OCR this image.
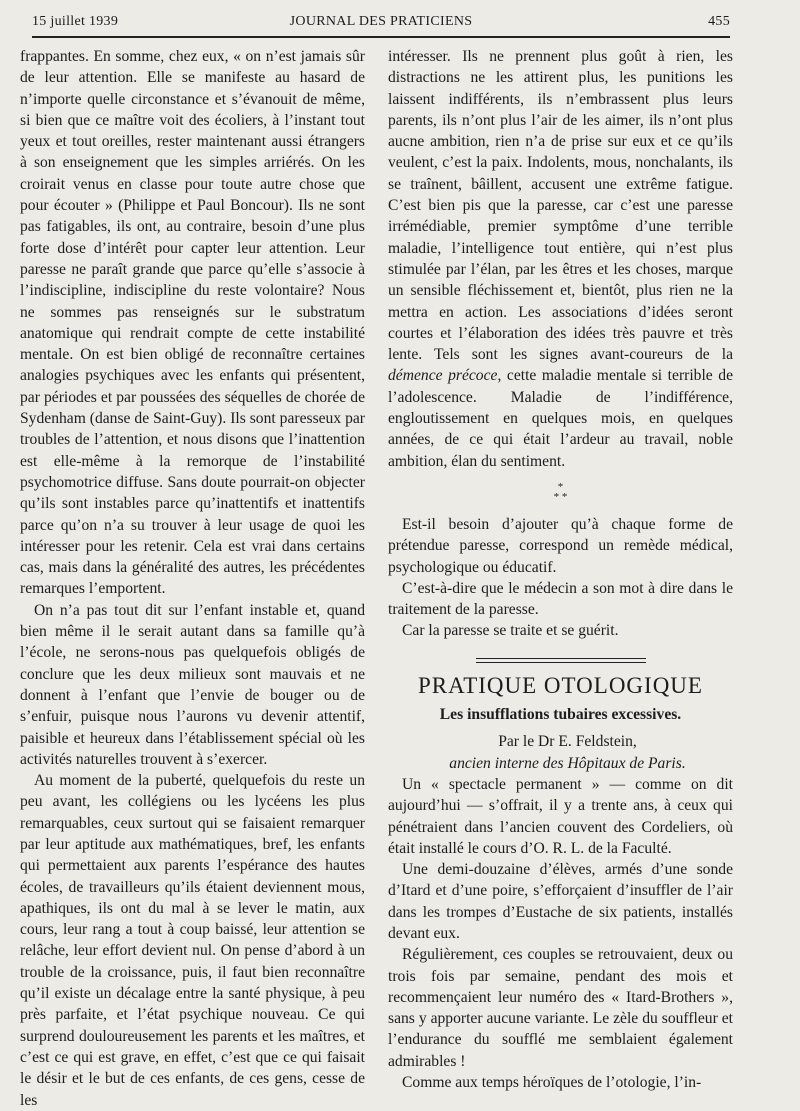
15 juillet 1939	JOURNAL DES PRATICIENS	455

frappantes. En somme, chez eux, « on n’est jamais sûr de leur attention. Elle se manifeste au hasard de n’importe quelle circonstance et s’évanouit de même, si bien que ce maître voit des écoliers, à l’instant tout yeux et tout oreilles, rester maintenant aussi étrangers à son enseignement que les simples arriérés. On les croirait venus en classe pour toute autre chose que pour écouter » (Philippe et Paul Boncour). Ils ne sont pas fatigables, ils ont, au contraire, besoin d’une plus forte dose d’intérêt pour capter leur attention. Leur paresse ne paraît grande que parce qu’elle s’associe à l’indiscipline, indiscipline du reste volontaire? Nous ne sommes pas renseignés sur le substratum anatomique qui rendrait compte de cette instabilité mentale. On est bien obligé de reconnaître certaines analogies psychiques avec les enfants qui présentent, par périodes et par poussées des séquelles de chorée de Sydenham (danse de Saint-Guy). Ils sont paresseux par troubles de l’attention, et nous disons que l’inattention est elle-même à la remorque de l’instabilité psychomotrice diffuse. Sans doute pourrait-on objecter qu’ils sont instables parce qu’inattentifs et inattentifs parce qu’on n’a su trouver à leur usage de quoi les intéresser pour les retenir. Cela est vrai dans certains cas, mais dans la généralité des autres, les précédentes remarques l’emportent.

On n’a pas tout dit sur l’enfant instable et, quand bien même il le serait autant dans sa famille qu’à l’école, ne serons-nous pas quelquefois obligés de conclure que les deux milieux sont mauvais et ne donnent à l’enfant que l’envie de bouger ou de s’enfuir, puisque nous l’aurons vu devenir attentif, paisible et heureux dans l’établissement spécial où les activités naturelles trouvent à s’exercer.

Au moment de la puberté, quelquefois du reste un peu avant, les collégiens ou les lycéens les plus remarquables, ceux surtout qui se faisaient remarquer par leur aptitude aux mathématiques, bref, les enfants qui permettaient aux parents l’espérance des hautes écoles, de travailleurs qu’ils étaient deviennent mous, apathiques, ils ont du mal à se lever le matin, aux cours, leur rang a tout à coup baissé, leur attention se relâche, leur effort devient nul. On pense d’abord à un trouble de la croissance, puis, il faut bien reconnaître qu’il existe un décalage entre la santé physique, à peu près parfaite, et l’état psychique nouveau. Ce qui surprend douloureusement les parents et les maîtres, et c’est ce qui est grave, en effet, c’est que ce qui faisait le désir et le but de ces enfants, de ces gens, cesse de les

intéresser. Ils ne prennent plus goût à rien, les distractions ne les attirent plus, les punitions les laissent indifférents, ils n’embrassent plus leurs parents, ils n’ont plus l’air de les aimer, ils n’ont plus aucne ambition, rien n’a de prise sur eux et ce qu’ils veulent, c’est la paix. Indolents, mous, nonchalants, ils se traînent, bâillent, accusent une extrême fatigue. C’est bien pis que la paresse, car c’est une paresse irrémédiable, premier symptôme d’une terrible maladie, l’intelligence tout entière, qui n’est plus stimulée par l’élan, par les êtres et les choses, marque un sensible fléchissement et, bientôt, plus rien ne la mettra en action. Les associations d’idées seront courtes et l’élaboration des idées très pauvre et très lente. Tels sont les signes avant-coureurs de la démence précoce, cette maladie mentale si terrible de l’adolescence. Maladie de l’indifférence, engloutissement en quelques mois, en quelques années, de ce qui était l’ardeur au travail, noble ambition, élan du sentiment.

*
* *

Est-il besoin d’ajouter qu’à chaque forme de prétendue paresse, correspond un remède médical, psychologique ou éducatif.

C’est-à-dire que le médecin a son mot à dire dans le traitement de la paresse.

Car la paresse se traite et se guérit.

PRATIQUE OTOLOGIQUE
Les insufflations tubaires excessives.

Par le Dr E. Feldstein,

ancien interne des Hôpitaux de Paris.

Un « spectacle permanent » — comme on dit aujourd’hui — s’offrait, il y a trente ans, à ceux qui pénétraient dans l’ancien couvent des Cordeliers, où était installé le cours d’O. R. L. de la Faculté.

Une demi-douzaine d’élèves, armés d’une sonde d’Itard et d’une poire, s’efforçaient d’insuffler de l’air dans les trompes d’Eustache de six patients, installés devant eux.

Régulièrement, ces couples se retrouvaient, deux ou trois fois par semaine, pendant des mois et recommençaient leur numéro des « Itard-Brothers », sans y apporter aucune variante. Le zèle du souffleur et l’endurance du soufflé me semblaient également admirables !

Comme aux temps héroïques de l’otologie, l’in-
